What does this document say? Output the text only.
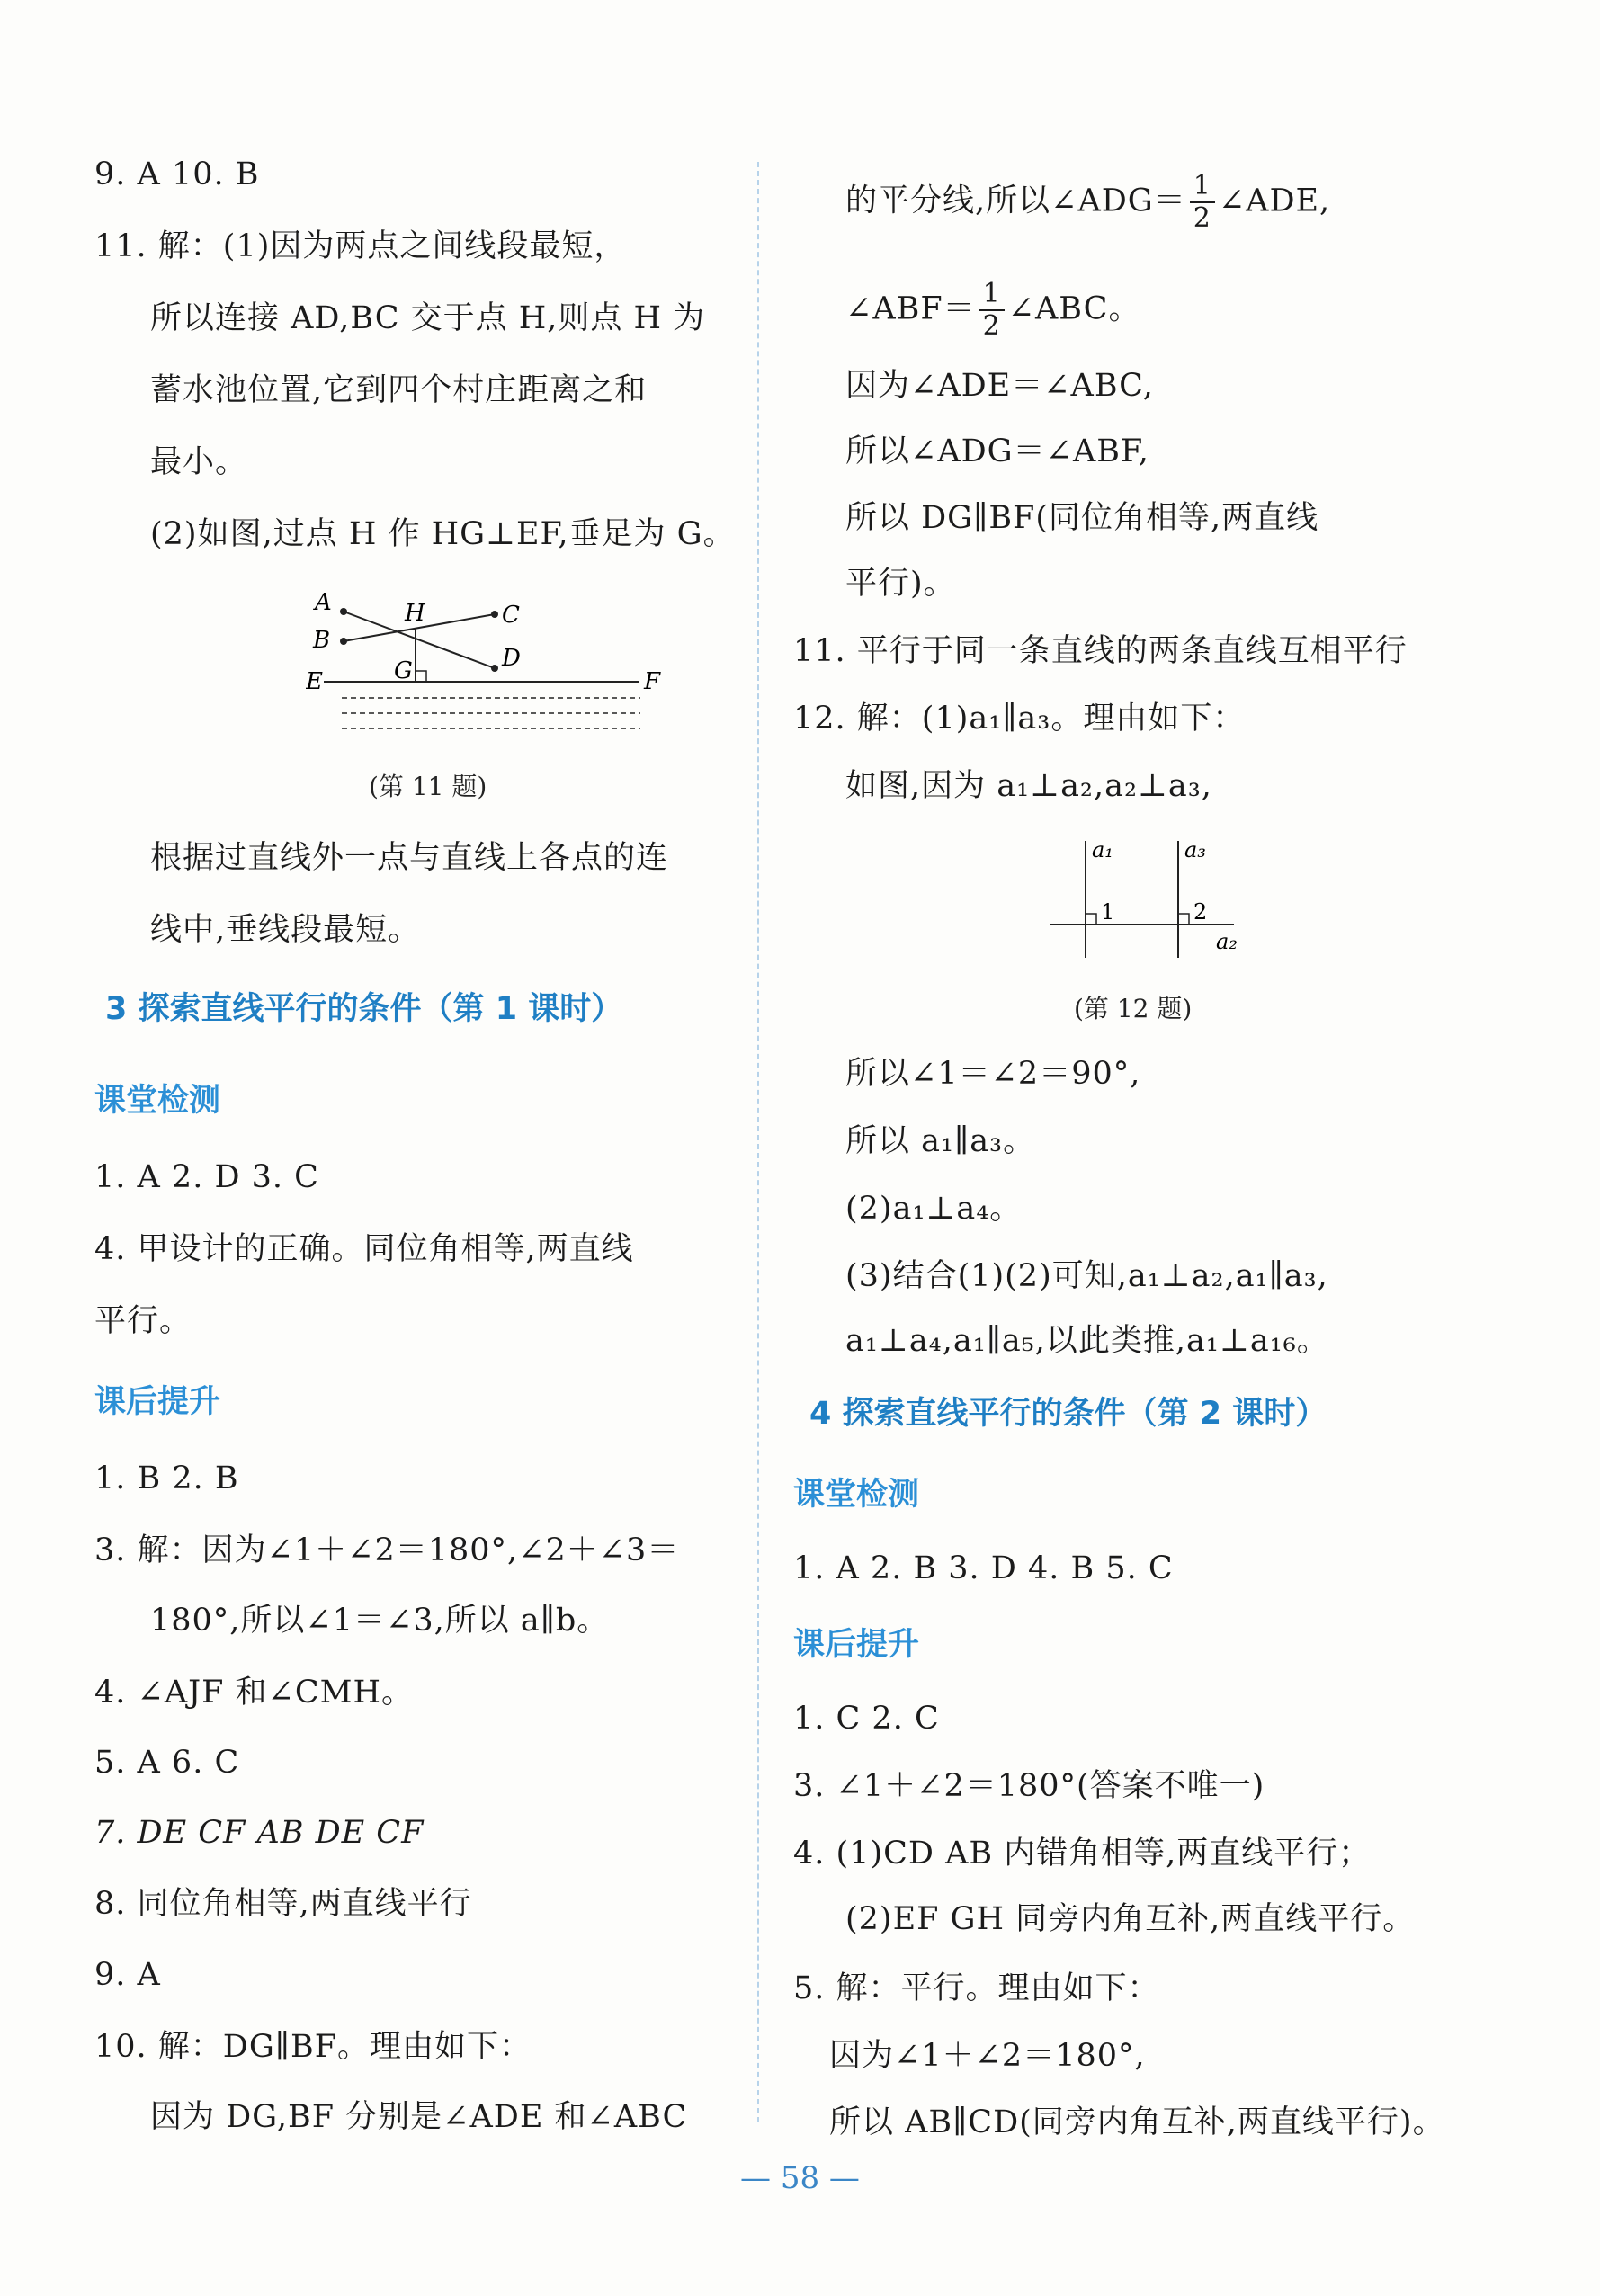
9. A 10. B
11. 解：(1)因为两点之间线段最短，
所以连接 AD,BC 交于点 H,则点 H 为
蓄水池位置,它到四个村庄距离之和
最小。
(2)如图,过点 H 作 HG⊥EF,垂足为 G。
A	H	C
B
D
G
E	F
(第 11 题)
根据过直线外一点与直线上各点的连
线中,垂线段最短。
3 探索直线平行的条件（第 1 课时）
课堂检测
1. A 2. D 3. C
4. 甲设计的正确。同位角相等,两直线
平行。
课后提升
1. B 2. B
3. 解：因为∠1＋∠2＝180°,∠2＋∠3＝
180°,所以∠1＝∠3,所以 a∥b。
4. ∠AJF 和∠CMH。
5. A 6. C
7. DE CF AB DE CF
8. 同位角相等,两直线平行
9. A
10. 解：DG∥BF。理由如下：
因为 DG,BF 分别是∠ADE 和∠ABC
的平分线,所以∠ADG＝ $\frac{1}{2}$ ∠ADE,
∠ABF＝ $\frac{1}{2}$ ∠ABC。
因为∠ADE＝∠ABC,
所以∠ADG＝∠ABF,
所以 DG∥BF(同位角相等,两直线
平行)。
11. 平行于同一条直线的两条直线互相平行
12. 解：(1)a₁∥a₃。理由如下：
如图,因为 a₁⊥a₂,a₂⊥a₃,
a₁	a₃
1	2
a₂
(第 12 题)
所以∠1＝∠2＝90°,
所以 a₁∥a₃。
(2)a₁⊥a₄。
(3)结合(1)(2)可知,a₁⊥a₂,a₁∥a₃,
a₁⊥a₄,a₁∥a₅,以此类推,a₁⊥a₁₆。
4 探索直线平行的条件（第 2 课时）
课堂检测
1. A 2. B 3. D 4. B 5. C
课后提升
1. C 2. C
3. ∠1＋∠2＝180°(答案不唯一)
4. (1)CD AB 内错角相等,两直线平行；
(2)EF GH 同旁内角互补,两直线平行。
5. 解：平行。理由如下：
因为∠1＋∠2＝180°,
所以 AB∥CD(同旁内角互补,两直线平行)。
— 58 —
